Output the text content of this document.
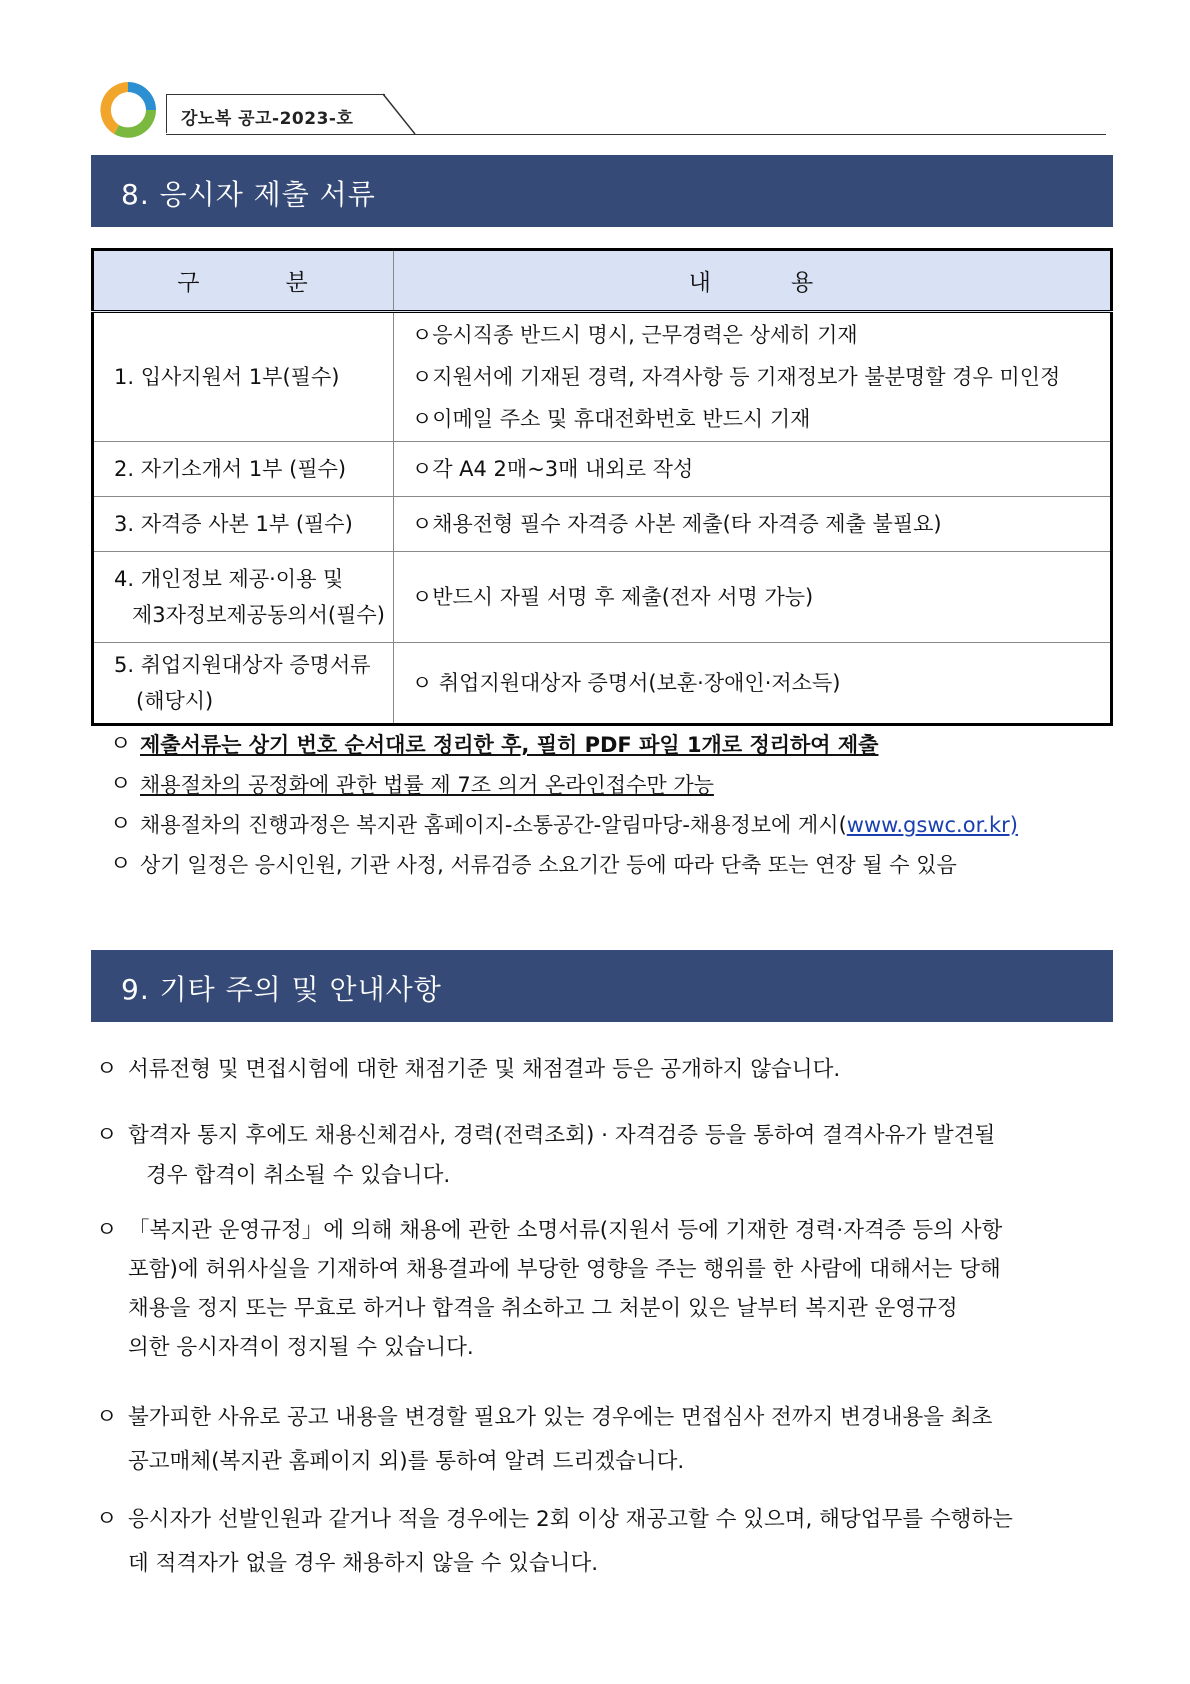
강노복 공고-2023-호
8. 응시자 제출 서류
구 분	내 용

1. 입사지원서 1부(필수)	ㅇ응시직종 반드시 명시, 근무경력은 상세히 기재
ㅇ지원서에 기재된 경력, 자격사항 등 기재정보가 불분명할 경우 미인정
ㅇ이메일 주소 및 휴대전화번호 반드시 기재

2. 자기소개서 1부 (필수)	ㅇ각 A4 2매~3매 내외로 작성

3. 자격증 사본 1부 (필수)	ㅇ채용전형 필수 자격증 사본 제출(타 자격증 제출 불필요)

4. 개인정보 제공·이용 및
제3자정보제공동의서(필수)	ㅇ반드시 자필 서명 후 제출(전자 서명 가능)

5. 취업지원대상자 증명서류
(해당시)	ㅇ 취업지원대상자 증명서(보훈·장애인·저소득)
ㅇ 제출서류는 상기 번호 순서대로 정리한 후, 필히 PDF 파일 1개로 정리하여 제출
ㅇ 채용절차의 공정화에 관한 법률 제 7조 의거 온라인접수만 가능
ㅇ 채용절차의 진행과정은 복지관 홈페이지-소통공간-알림마당-채용정보에 게시(www.gswc.or.kr)
ㅇ 상기 일정은 응시인원, 기관 사정, 서류검증 소요기간 등에 따라 단축 또는 연장 될 수 있음
9. 기타 주의 및 안내사항
ㅇ 서류전형 및 면접시험에 대한 채점기준 및 채점결과 등은 공개하지 않습니다.
ㅇ 합격자 통지 후에도 채용신체검사, 경력(전력조회) · 자격검증 등을 통하여 결격사유가 발견될
경우 합격이 취소될 수 있습니다.
ㅇ 「복지관 운영규정」에 의해 채용에 관한 소명서류(지원서 등에 기재한 경력·자격증 등의 사항
포함)에 허위사실을 기재하여 채용결과에 부당한 영향을 주는 행위를 한 사람에 대해서는 당해
채용을 정지 또는 무효로 하거나 합격을 취소하고 그 처분이 있은 날부터 복지관 운영규정
의한 응시자격이 정지될 수 있습니다.
ㅇ 불가피한 사유로 공고 내용을 변경할 필요가 있는 경우에는 면접심사 전까지 변경내용을 최초
공고매체(복지관 홈페이지 외)를 통하여 알려 드리겠습니다.
ㅇ 응시자가 선발인원과 같거나 적을 경우에는 2회 이상 재공고할 수 있으며, 해당업무를 수행하는
데 적격자가 없을 경우 채용하지 않을 수 있습니다.
